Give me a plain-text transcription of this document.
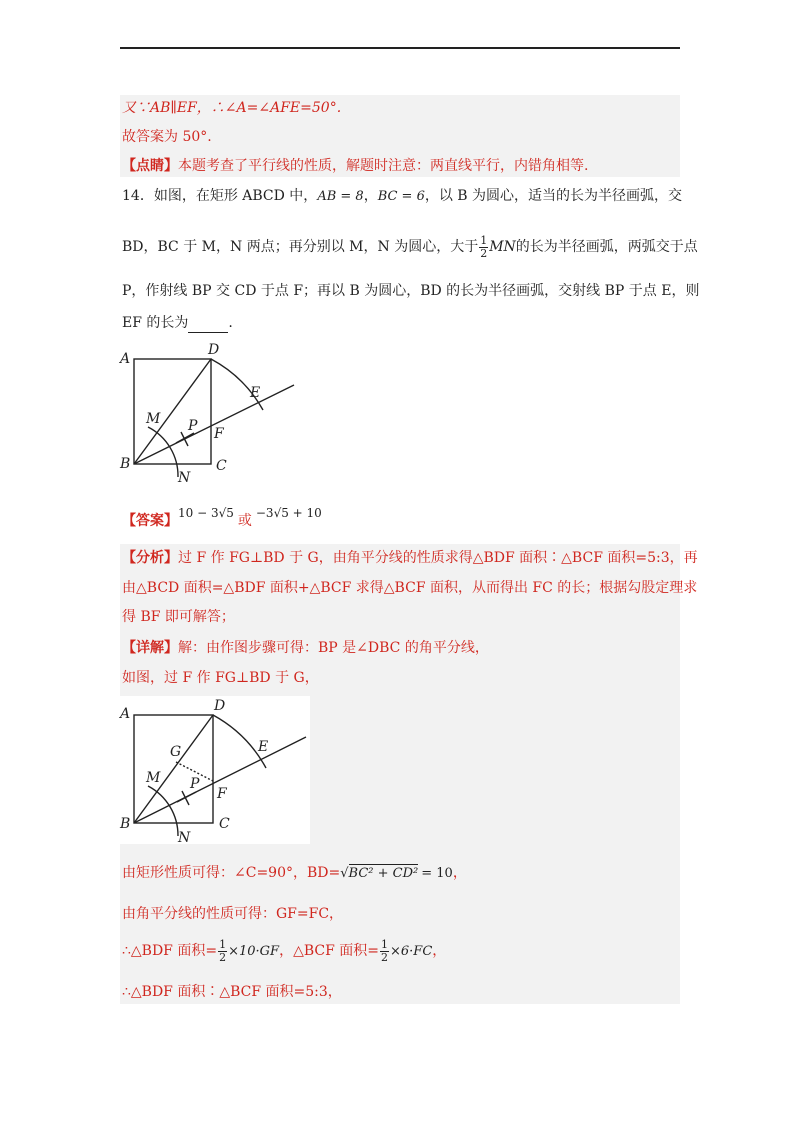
又∵AB∥EF，∴∠A=∠AFE=50°.
故答案为 50°.
【点睛】本题考查了平行线的性质，解题时注意：两直线平行，内错角相等.
14．如图，在矩形 ABCD 中，AB = 8，BC = 6，以 B 为圆心，适当的长为半径画弧，交
BD，BC 于 M，N 两点；再分别以 M，N 为圆心，大于 $\frac{1}{2}$ MN的长为半径画弧，两弧交于点
P，作射线 BP 交 CD 于点 F；再以 B 为圆心，BD 的长为半径画弧，交射线 BP 于点 E，则
EF 的长为	.
A
D
E
M P F
B	C
N
【答案】10 − 3√5 或 −3√5 + 10
【分析】过 F 作 FG⊥BD 于 G，由角平分线的性质求得△BDF 面积∶△BCF 面积=5:3，再
由△BCD 面积=△BDF 面积+△BCF 求得△BCF 面积，从而得出 FC 的长；根据勾股定理求
得 BF 即可解答；
【详解】解：由作图步骤可得：BP 是∠DBC 的角平分线，
如图，过 F 作 FG⊥BD 于 G，
A	D
G	E
M P
F
B	C
N
由矩形性质可得：∠C=90°，BD=√BC² + CD² = 10，
由角平分线的性质可得：GF=FC，
∴△BDF 面积= $\frac{1}{2} \times 10\cdot GF$，△BCF 面积= $\frac{1}{2} \times 6\cdot FC$，
∴△BDF 面积∶△BCF 面积=5:3，
